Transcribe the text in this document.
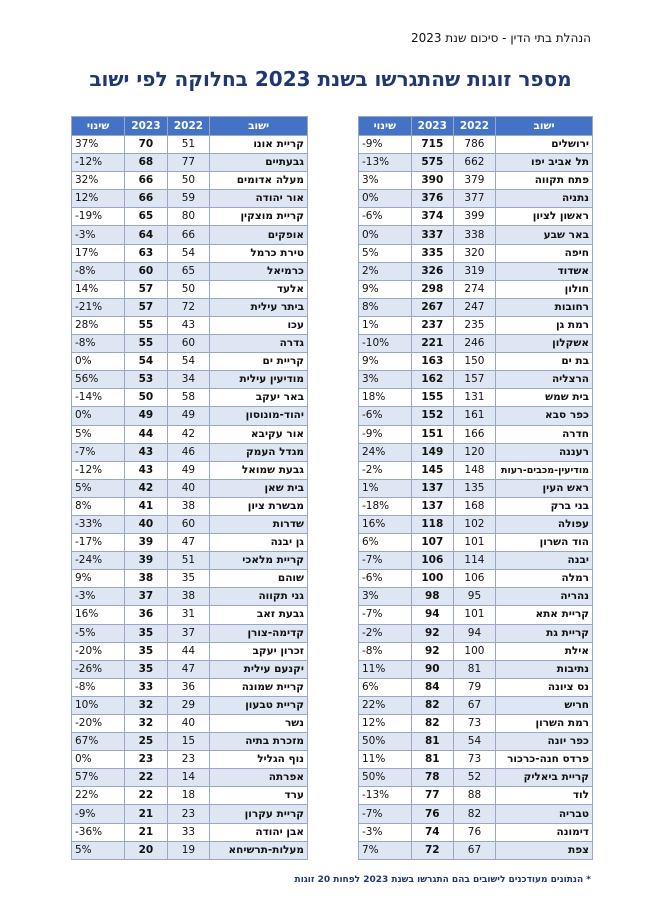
הנהלת בתי הדין - סיכום שנת 2023
מספר זוגות שהתגרשו בשנת 2023 בחלוקה לפי ישוב
ישוב	2022	2023	שינוי
ירושלים	786	715	-9%
תל אביב יפו	662	575	-13%
פתח תקווה	379	390	3%
נתניה	377	376	0%
ראשון לציון	399	374	-6%
באר שבע	338	337	0%
חיפה	320	335	5%
אשדוד	319	326	2%
חולון	274	298	9%
רחובות	247	267	8%
רמת גן	235	237	1%
אשקלון	246	221	-10%
בת ים	150	163	9%
הרצליה	157	162	3%
בית שמש	131	155	18%
כפר סבא	161	152	-6%
חדרה	166	151	-9%
רעננה	120	149	24%
מודיעין-מכבים-רעות	148	145	-2%
ראש העין	135	137	1%
בני ברק	168	137	-18%
עפולה	102	118	16%
הוד השרון	101	107	6%
יבנה	114	106	-7%
רמלה	106	100	-6%
נהריה	95	98	3%
קריית אתא	101	94	-7%
קריית גת	94	92	-2%
אילת	100	92	-8%
נתיבות	81	90	11%
נס ציונה	79	84	6%
חריש	67	82	22%
רמת השרון	73	82	12%
כפר יונה	54	81	50%
פרדס חנה-כרכור	73	81	11%
קריית ביאליק	52	78	50%
לוד	88	77	-13%
טבריה	82	76	-7%
דימונה	76	74	-3%
צפת	67	72	7%
ישוב	2022	2023	שינוי
קריית אונו	51	70	37%
גבעתיים	77	68	-12%
מעלה אדומים	50	66	32%
אור יהודה	59	66	12%
קריית מוצקין	80	65	-19%
אופקים	66	64	-3%
טירת כרמל	54	63	17%
כרמיאל	65	60	-8%
אלעד	50	57	14%
ביתר עילית	72	57	-21%
עכו	43	55	28%
גדרה	60	55	-8%
קריית ים	54	54	0%
מודיעין עילית	34	53	56%
באר יעקב	58	50	-14%
יהוד-מונוסון	49	49	0%
אור עקיבא	42	44	5%
מגדל העמק	46	43	-7%
גבעת שמואל	49	43	-12%
בית שאן	40	42	5%
מבשרת ציון	38	41	8%
שדרות	60	40	-33%
גן יבנה	47	39	-17%
קריית מלאכי	51	39	-24%
שוהם	35	38	9%
גני תקווה	38	37	-3%
גבעת זאב	31	36	16%
קדימה-צורן	37	35	-5%
זכרון יעקב	44	35	-20%
יקנעם עילית	47	35	-26%
קריית שמונה	36	33	-8%
קריית טבעון	29	32	10%
נשר	40	32	-20%
מזכרת בתיה	15	25	67%
נוף הגליל	23	23	0%
אפרתה	14	22	57%
ערד	18	22	22%
קריית עקרון	23	21	-9%
אבן יהודה	33	21	-36%
מעלות-תרשיחא	19	20	5%
* הנתונים מעודכנים לישובים בהם התגרשו בשנת 2023 לפחות 20 זוגות
